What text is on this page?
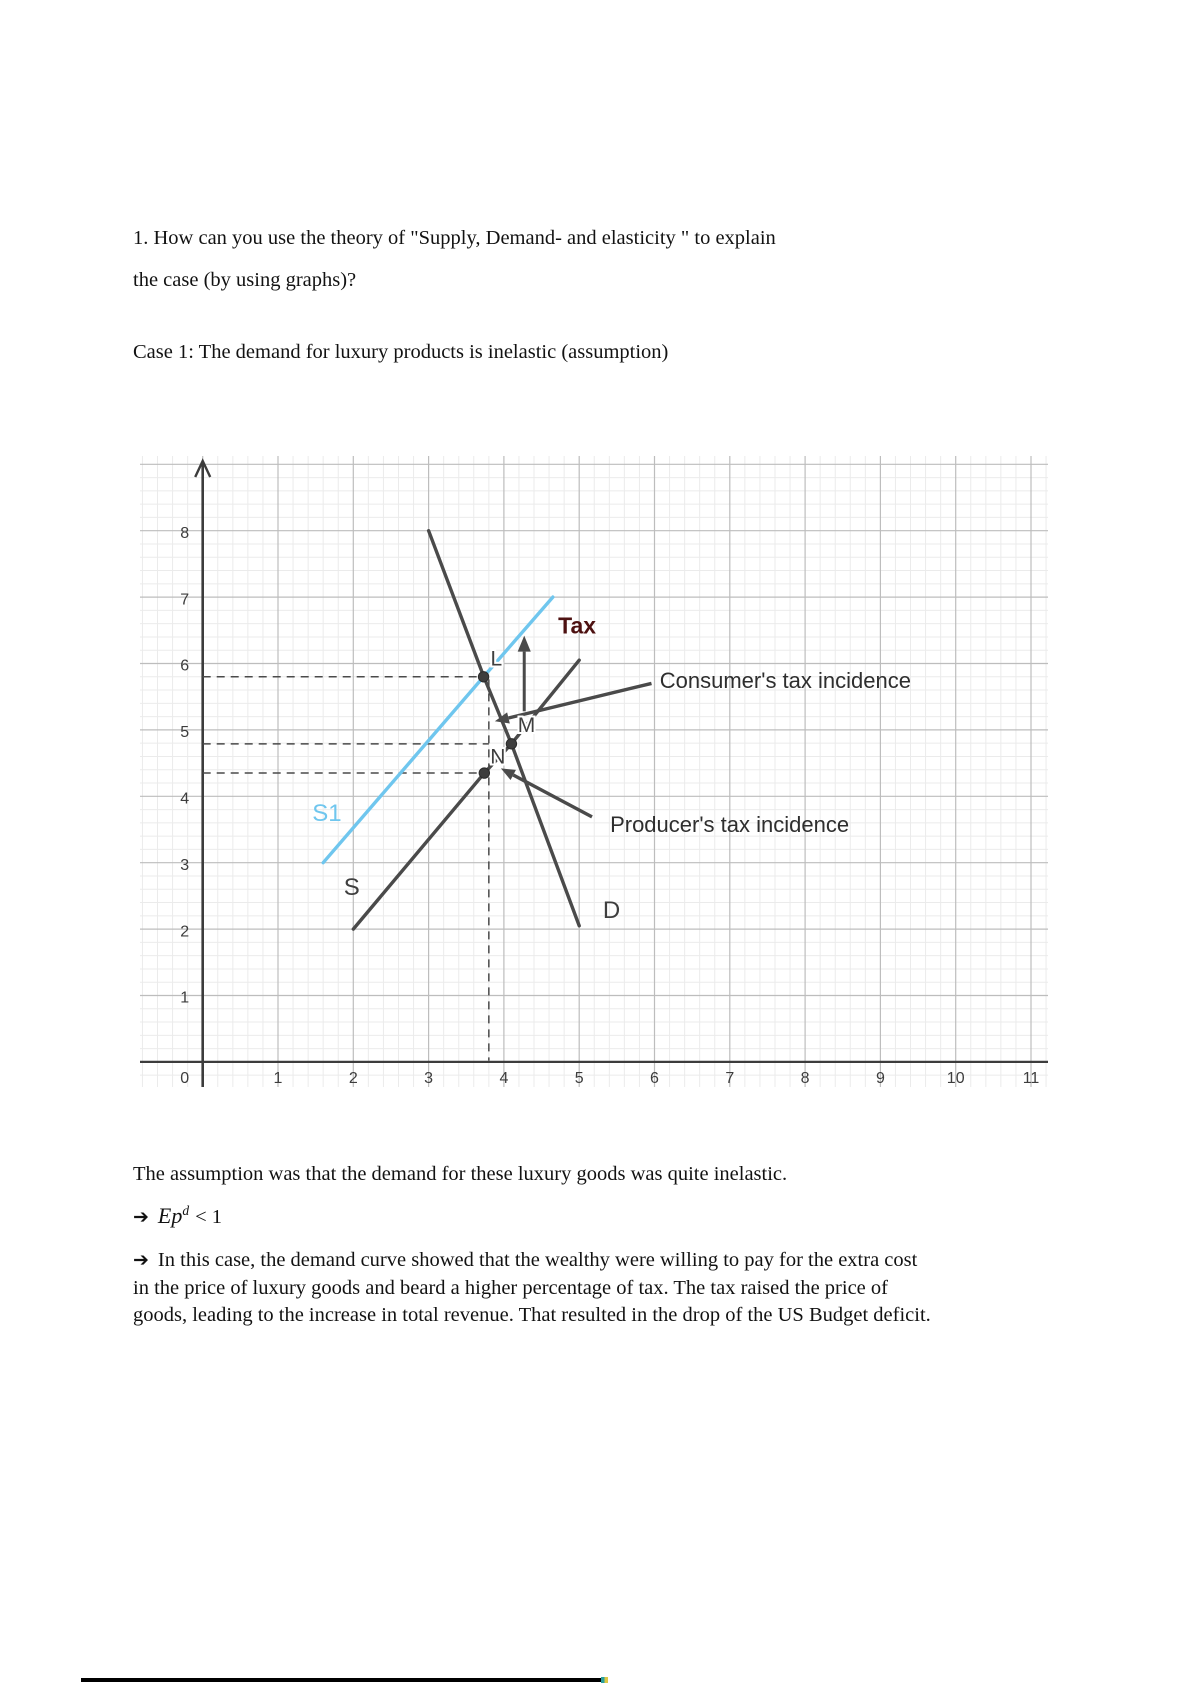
1. How can you use the theory of "Supply, Demand- and elasticity " to explain
the case (by using graphs)?
Case 1: The demand for luxury products is inelastic (assumption)
0	1	2	3	4	5	6	7	8	9	10	11
1
2
3
4
5
6
7
8
S
S1
D
L
M
N
Tax
Consumer's tax incidence
Producer's tax incidence
The assumption was that the demand for these luxury goods was quite inelastic.
➔ $Ep^d < 1$
➔ In this case, the demand curve showed that the wealthy were willing to pay for the extra cost
in the price of luxury goods and beard a higher percentage of tax. The tax raised the price of
goods, leading to the increase in total revenue. That resulted in the drop of the US Budget deficit.
